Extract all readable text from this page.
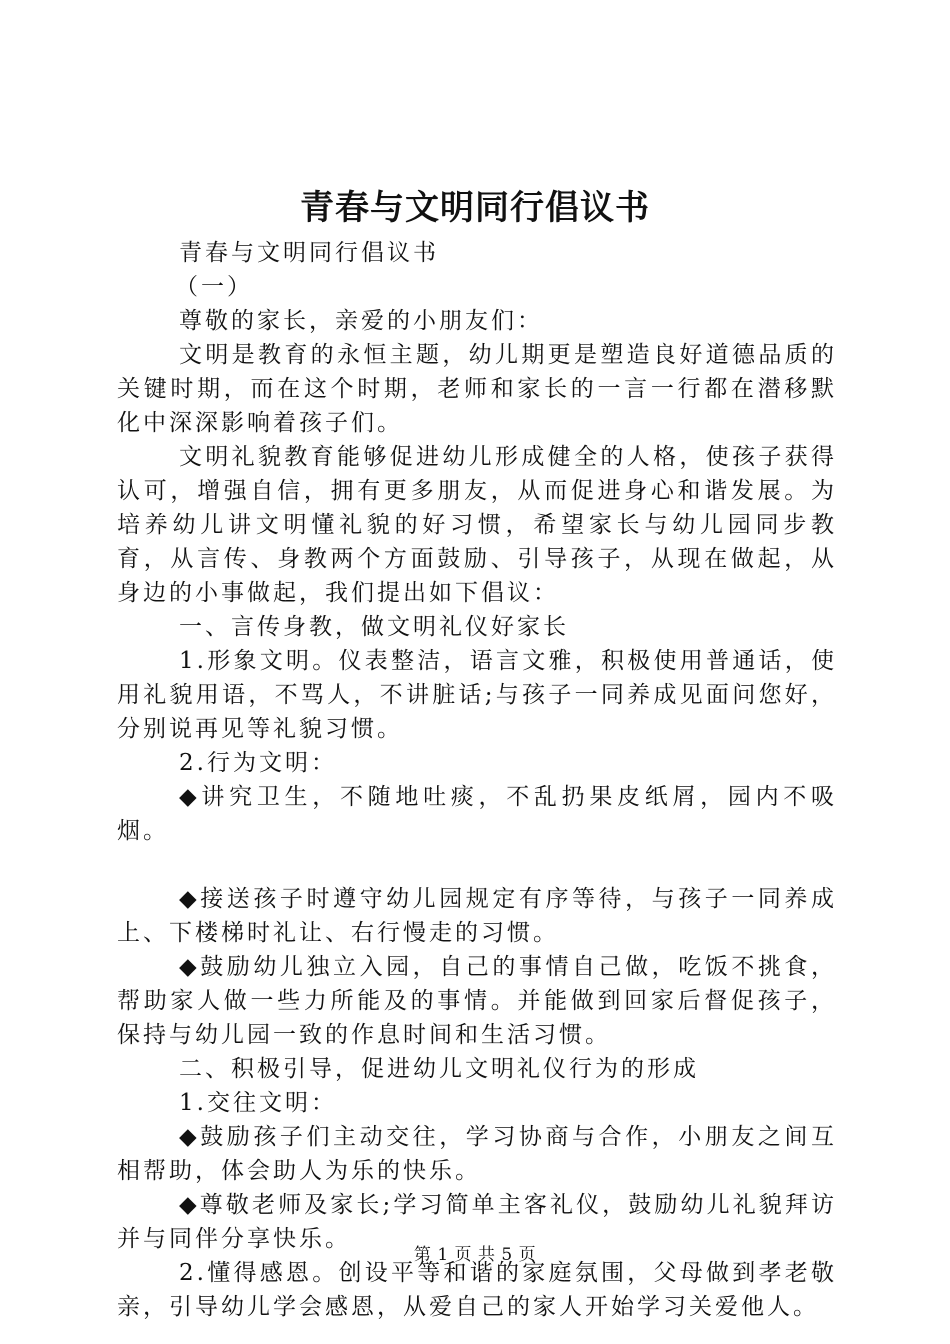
青春与文明同行倡议书

青春与文明同行倡议书

（一）

尊敬的家长，亲爱的小朋友们：

文明是教育的永恒主题，幼儿期更是塑造良好道德品质的关键时期，而在这个时期，老师和家长的一言一行都在潜移默化中深深影响着孩子们。

文明礼貌教育能够促进幼儿形成健全的人格，使孩子获得认可，增强自信，拥有更多朋友，从而促进身心和谐发展。为培养幼儿讲文明懂礼貌的好习惯，希望家长与幼儿园同步教育，从言传、身教两个方面鼓励、引导孩子，从现在做起，从身边的小事做起，我们提出如下倡议：

一、言传身教，做文明礼仪好家长

1.形象文明。仪表整洁，语言文雅，积极使用普通话，使用礼貌用语，不骂人，不讲脏话;与孩子一同养成见面问您好，分别说再见等礼貌习惯。

2.行为文明：

◆讲究卫生，不随地吐痰，不乱扔果皮纸屑，园内不吸烟。

◆接送孩子时遵守幼儿园规定有序等待，与孩子一同养成上、下楼梯时礼让、右行慢走的习惯。

◆鼓励幼儿独立入园，自己的事情自己做，吃饭不挑食，帮助家人做一些力所能及的事情。并能做到回家后督促孩子，保持与幼儿园一致的作息时间和生活习惯。

二、积极引导，促进幼儿文明礼仪行为的形成

1.交往文明：

◆鼓励孩子们主动交往，学习协商与合作，小朋友之间互相帮助，体会助人为乐的快乐。

◆尊敬老师及家长;学习简单主客礼仪，鼓励幼儿礼貌拜访并与同伴分享快乐。

2.懂得感恩。创设平等和谐的家庭氛围，父母做到孝老敬亲，引导幼儿学会感恩，从爱自己的家人开始学习关爱他人。

第 1 页 共 5 页
